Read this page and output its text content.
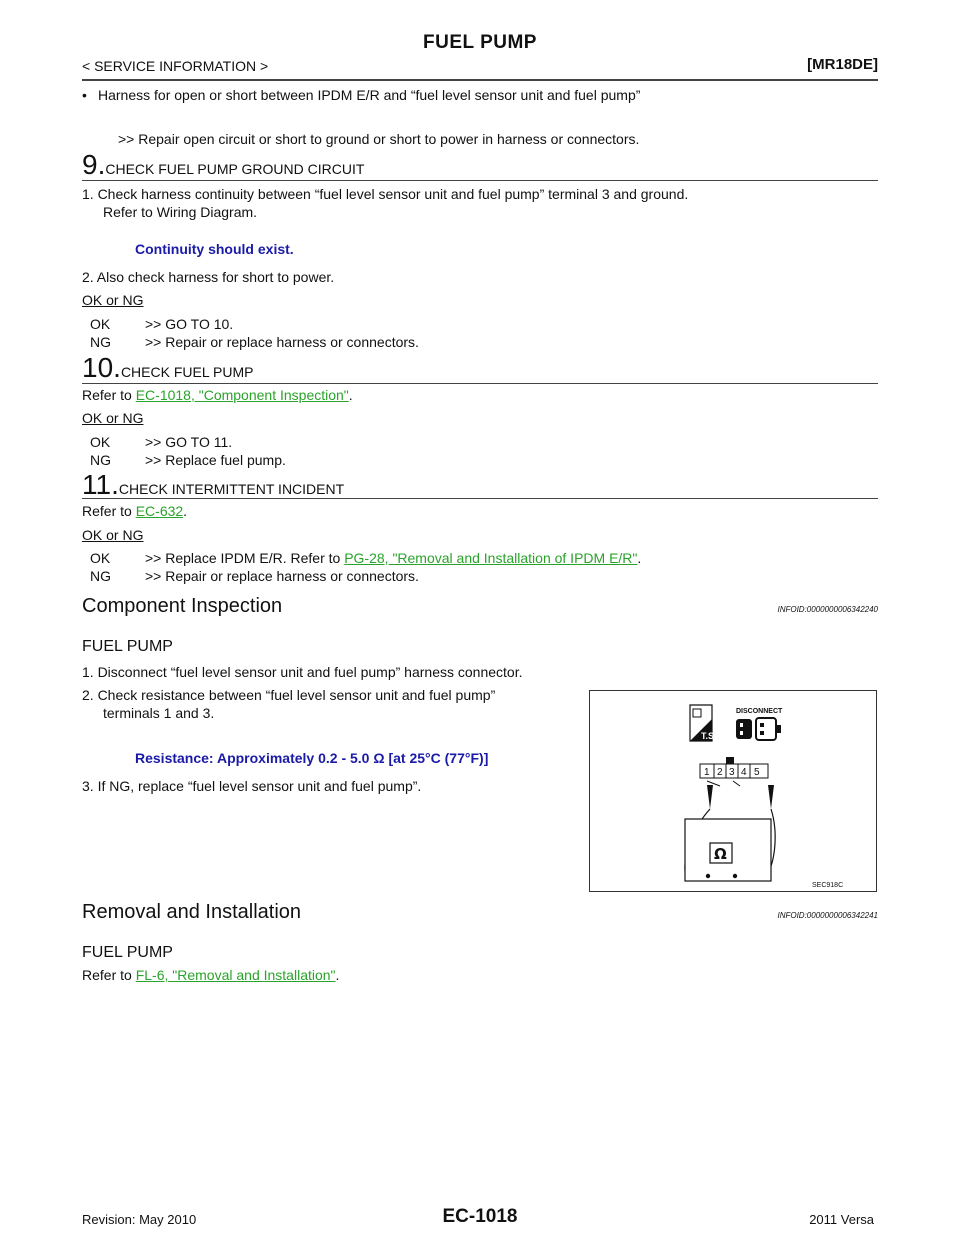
FUEL PUMP
< SERVICE INFORMATION >	[MR18DE]
• Harness for open or short between IPDM E/R and “fuel level sensor unit and fuel pump”
>> Repair open circuit or short to ground or short to power in harness or connectors.
9.CHECK FUEL PUMP GROUND CIRCUIT
1. Check harness continuity between “fuel level sensor unit and fuel pump” terminal 3 and ground.
Refer to Wiring Diagram.
Continuity should exist.
2. Also check harness for short to power.
OK or NG
OK >> GO TO 10.
NG >> Repair or replace harness or connectors.
10.CHECK FUEL PUMP
Refer to EC-1018, "Component Inspection".
OK or NG
OK >> GO TO 11.
NG >> Replace fuel pump.
11.CHECK INTERMITTENT INCIDENT
Refer to EC-632.
OK or NG
OK >> Replace IPDM E/R. Refer to PG-28, "Removal and Installation of IPDM E/R".
NG >> Repair or replace harness or connectors.
Component Inspection	INFOID:0000000006342240
FUEL PUMP
1. Disconnect “fuel level sensor unit and fuel pump” harness connector.
2. Check resistance between “fuel level sensor unit and fuel pump”
terminals 1 and 3.
Resistance: Approximately 0.2 - 5.0 Ω [at 25°C (77°F)]
3. If NG, replace “fuel level sensor unit and fuel pump”.
T.S.
DISCONNECT
1 2 3 4 5
Ω
SEC918C
Removal and Installation	INFOID:0000000006342241
FUEL PUMP
Refer to FL-6, "Removal and Installation".
Revision: May 2010	EC-1018	2011 Versa
